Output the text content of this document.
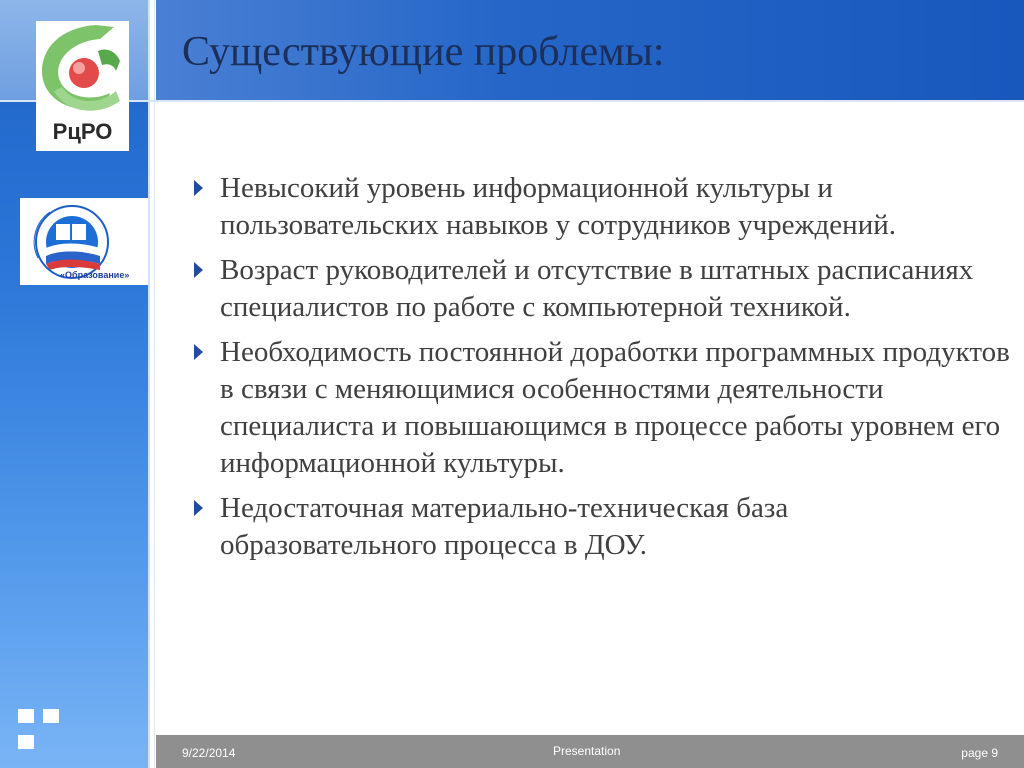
Существующие проблемы:
РцРО
«Образование»
Невысокий уровень информационной культуры и пользовательских навыков у сотрудников учреждений.
Возраст руководителей и отсутствие в штатных расписаниях специалистов по работе с компьютерной техникой.
Необходимость постоянной доработки программных продуктов в связи с меняющимися особенностями деятельности специалиста и повышающимся в процессе работы уровнем его информационной культуры.
Недостаточная материально-техническая база образовательного процесса в ДОУ.
9/22/2014	Presentation	page 9
